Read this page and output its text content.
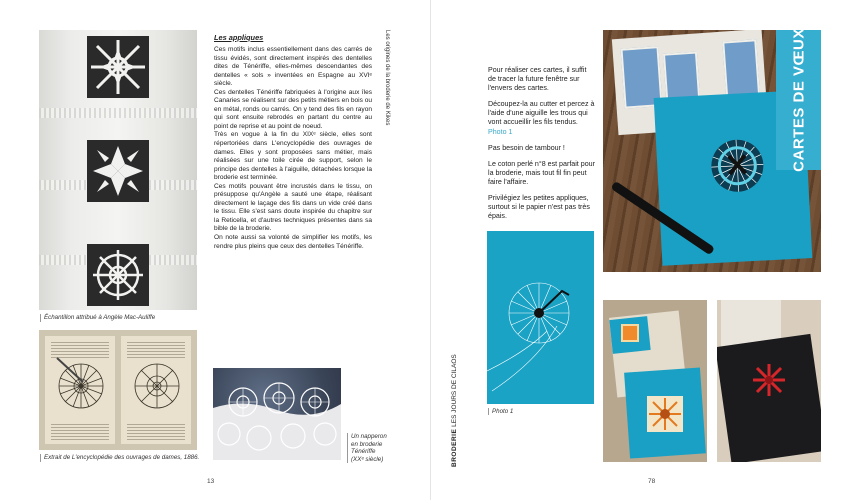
Échantillon attribué à Angèle Mac-Auliffe
Extrait de L'encyclopédie des ouvrages de dames, 1886.
Les appliques

Ces motifs inclus essentiellement dans des carrés de tissu évidés, sont directement inspirés des dentelles dites de Ténériffe, elles-mêmes descendantes des dentelles « sols » inventées en Espagne au XVIᵉ siècle.

Ces dentelles Ténériffe fabriquées à l'origine aux îles Canaries se réalisent sur des petits métiers en bois ou en métal, ronds ou carrés. On y tend des fils en rayon qui sont ensuite rebrodés en partant du centre au point de reprise et au point de noeud.

Très en vogue à la fin du XIXᵉ siècle, elles sont répertoriées dans L'encyclopédie des ouvrages de dames. Elles y sont proposées sans métier, mais réalisées sur une toile cirée de support, selon le principe des dentelles à l'aiguille, détachées lorsque la broderie est terminée.

Ces motifs pouvant être incrustés dans le tissu, on présuppose qu'Angèle a sauté une étape, réalisant directement le laçage des fils dans un vide créé dans le tissu. Elle s'est sans doute inspirée du chapitre sur la Reticella, et d'autres techniques présentes dans sa bible de la broderie.

On note aussi sa volonté de simplifier les motifs, les rendre plus pleins que ceux des dentelles Ténériffe.

Les origines de la broderie de Kikes
Un napperon
en broderie
Ténériffe
(XXᵉ siècle)
13

Pour réaliser ces cartes, il suffit de tracer la future fenêtre sur l'envers des cartes.

Découpez-la au cutter et percez à l'aide d'une aiguille les trous qui vont accueillir les fils tendus.
Photo 1

Pas besoin de tambour !

Le coton perlé n°8 est parfait pour la broderie, mais tout fil fin peut faire l'affaire.

Privilégiez les petites appliques, surtout si le papier n'est pas très épais.

CARTES DE VŒUX
Photo 1
BRODERIE LES JOURS DE CILAOS
78
